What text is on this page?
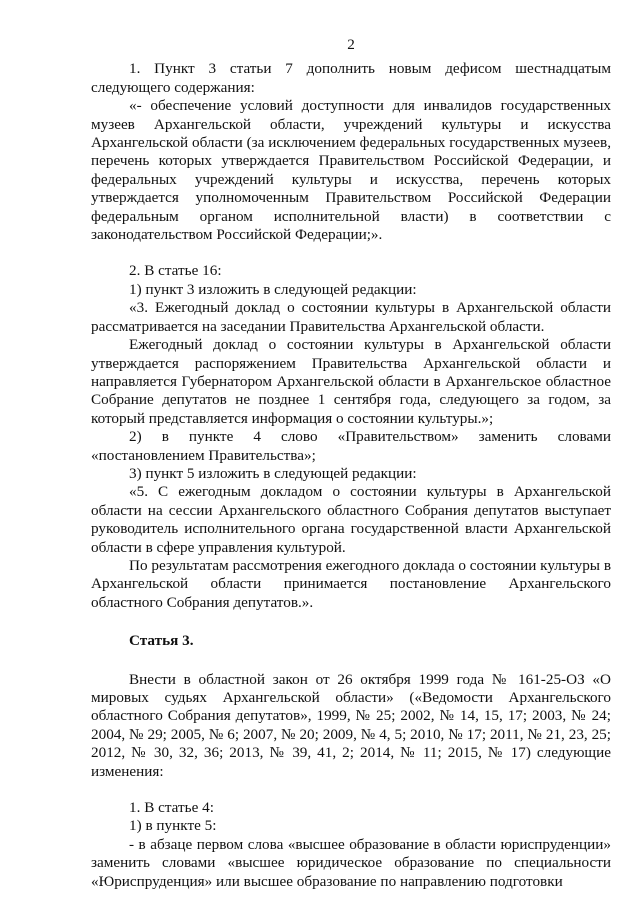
2

1. Пункт 3 статьи 7 дополнить новым дефисом шестнадцатым следующего содержания:

«- обеспечение условий доступности для инвалидов государственных музеев Архангельской области, учреждений культуры и искусства Архангельской области (за исключением федеральных государственных музеев, перечень которых утверждается Правительством Российской Федерации, и федеральных учреждений культуры и искусства, перечень которых утверждается уполномоченным Правительством Российской Федерации федеральным органом исполнительной власти) в соответствии с законодательством Российской Федерации;».

2. В статье 16:

1) пункт 3 изложить в следующей редакции:

«3. Ежегодный доклад о состоянии культуры в Архангельской области рассматривается на заседании Правительства Архангельской области.

Ежегодный доклад о состоянии культуры в Архангельской области утверждается распоряжением Правительства Архангельской области и направляется Губернатором Архангельской области в Архангельское областное Собрание депутатов не позднее 1 сентября года, следующего за годом, за который представляется информация о состоянии культуры.»;

2) в пункте 4 слово «Правительством» заменить словами «постановлением Правительства»;

3) пункт 5 изложить в следующей редакции:

«5. С ежегодным докладом о состоянии культуры в Архангельской области на сессии Архангельского областного Собрания депутатов выступает руководитель исполнительного органа государственной власти Архангельской области в сфере управления культурой.

По результатам рассмотрения ежегодного доклада о состоянии культуры в Архангельской области принимается постановление Архангельского областного Собрания депутатов.».

Статья 3.

Внести в областной закон от 26 октября 1999 года № 161-25-ОЗ «О мировых судьях Архангельской области» («Ведомости Архангельского областного Собрания депутатов», 1999, № 25; 2002, № 14, 15, 17; 2003, № 24; 2004, № 29; 2005, № 6; 2007, № 20; 2009, № 4, 5; 2010, № 17; 2011, № 21, 23, 25; 2012, № 30, 32, 36; 2013, № 39, 41, 2; 2014, № 11; 2015, № 17) следующие изменения:

1. В статье 4:

1) в пункте 5:

- в абзаце первом слова «высшее образование в области юриспруденции» заменить словами «высшее юридическое образование по специальности «Юриспруденция» или высшее образование по направлению подготовки
